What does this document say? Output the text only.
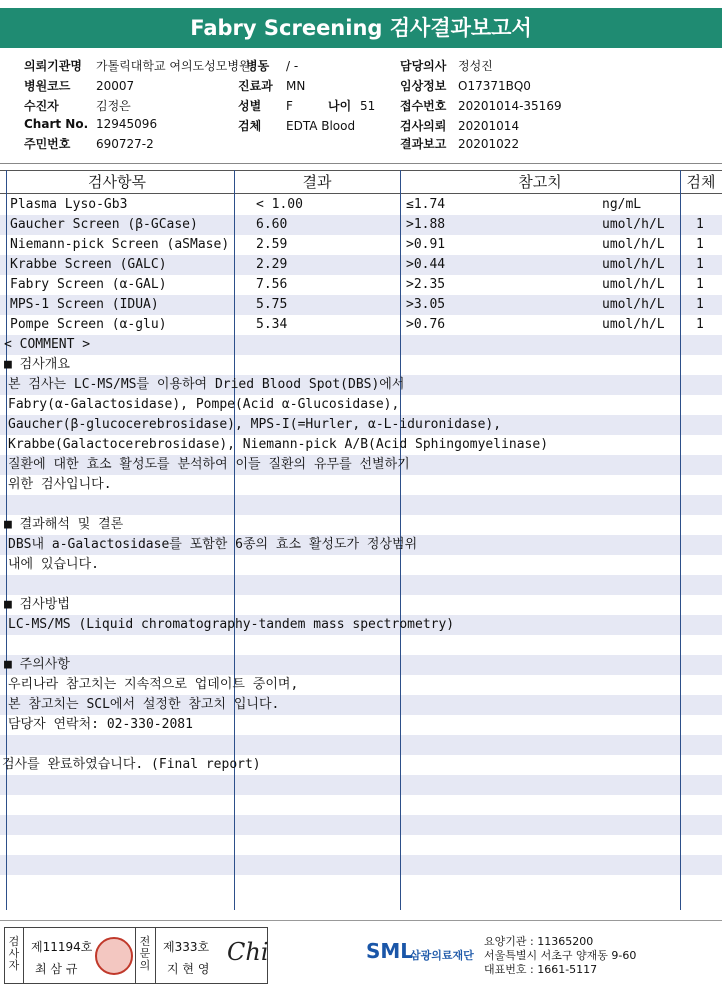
Fabry Screening 검사결과보고서
의뢰기관명 가톨릭대학교 여의도성모병원
병원코드 20007
수진자	김정은
Chart No. 12945096
주민번호 690727-2
병동 / -
진료과 MN
성별 F	나이 51
검체 EDTA Blood
담당의사 정성진
임상정보 O17371BQ0
접수번호 20201014-35169
검사의뢰 20201014
결과보고 20201022
검사항목	결과	참고치	검체
Plasma Lyso-Gb3	< 1.00	≤1.74	ng/mL
Gaucher Screen (β-GCase)	6.60	>1.88	umol/h/L 1
Niemann-pick Screen (aSMase) 2.59	>0.91	umol/h/L 1
Krabbe Screen (GALC)	2.29	>0.44	umol/h/L 1
Fabry Screen (α-GAL)	7.56	>2.35	umol/h/L 1
MPS-1 Screen (IDUA)	5.75	>3.05	umol/h/L 1
Pompe Screen (α-glu)	5.34	>0.76	umol/h/L 1
< COMMENT >
■ 검사개요
본 검사는 LC-MS/MS를 이용하여 Dried Blood Spot(DBS)에서
Fabry(α-Galactosidase), Pompe(Acid α-Glucosidase),
Gaucher(β-glucocerebrosidase), MPS-I(=Hurler, α-L-iduronidase),
Krabbe(Galactocerebrosidase), Niemann-pick A/B(Acid Sphingomyelinase)
질환에 대한 효소 활성도를 분석하여 이들 질환의 유무를 선별하기
위한 검사입니다.
■ 결과해석 및 결론
DBS내 a-Galactosidase를 포함한 6종의 효소 활성도가 정상범위
내에 있습니다.
■ 검사방법
LC-MS/MS (Liquid chromatography-tandem mass spectrometry)
■ 주의사항
우리나라 참고치는 지속적으로 업데이트 중이며,
본 참고치는 SCL에서 설정한 참고치 입니다.
담당자 연락처: 02-330-2081
검사를 완료하였습니다. (Final report)
검사자
제11194호
최 삼 규
전문의
제333호
지 현 영
Chi	SML
삼광의료재단
요양기관 : 11365200
서울특별시 서초구 양재동 9-60
대표번호 : 1661-5117
